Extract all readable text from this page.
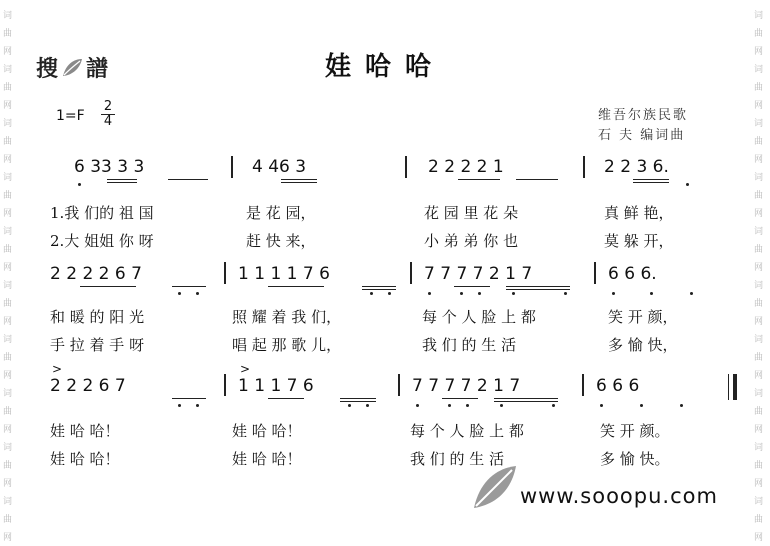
词
曲
网
词
曲
网
词
曲
网
词
曲
网
词
曲
网
词
曲
网
词
曲
网
词
曲
网
词
曲
网
词
曲
网
词
曲
网
词
曲
网
词
曲
网
词
曲
网
词
曲
网
词
曲
网
词
曲
网
词
曲
网
词
曲
网
词
曲
网
搜 譜	娃哈哈
1=F
2
4	维吾尔族民歌
石 夫 编词曲
6 33 3 3	4 46 3	2 2 2 2 1	2 2 3 6.
1.我 们的 祖 国	是 花 园，	花 园 里 花 朵	真 鲜 艳，
2.大 姐姐 你 呀	赶 快 来，	小 弟 弟 你 也	莫 躲 开，
2 2 2 2 6 7	1 1 1 1 7 6	7 7 7 7 2 1 7	6 6 6.
和 暖 的 阳 光	照 耀 着 我 们，	每 个 人 脸 上 都	笑 开 颜，
手 拉 着 手 呀	唱 起 那 歌 儿，	我 们 的 生 活	多 愉 快，
>	>
2 2 2 6 7	1 1 1 7 6	7 7 7 7 2 1 7	6 6 6
娃 哈 哈！	娃 哈 哈！	每 个 人 脸 上 都	笑 开 颜。
娃 哈 哈！	娃 哈 哈！	我 们 的 生 活	多 愉 快。
www.sooopu.com
